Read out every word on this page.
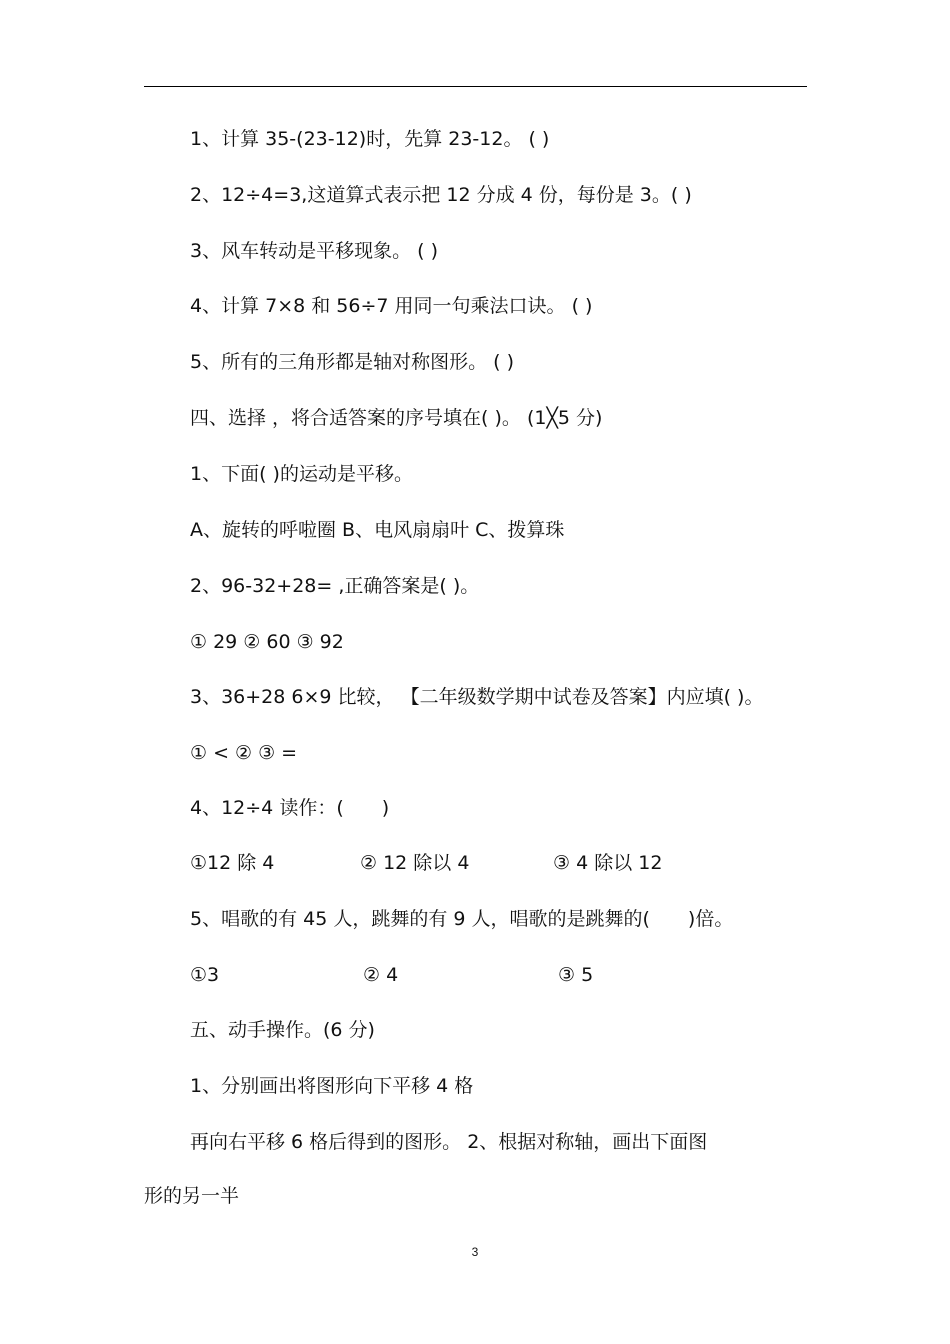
1、计算 35-(23-12)时，先算 23-12。 ( )
2、12÷4=3,这道算式表示把 12 分成 4 份，每份是 3。( )
3、风车转动是平移现象。 ( )
4、计算 7×8 和 56÷7 用同一句乘法口诀。 ( )
5、所有的三角形都是轴对称图形。 ( )
四、选择 ，将合适答案的序号填在( )。 (1╳5 分)
1、下面( )的运动是平移。
A、旋转的呼啦圈 B、电风扇扇叶 C、拨算珠
2、96-32+28= ,正确答案是( )。
① 29 ② 60 ③ 92
3、36+28 6×9 比较， 【二年级数学期中试卷及答案】内应填( )。
① < ② ③ =
4、12÷4 读作：(　　)

①12 除 4

	② 12 除以 4

	③ 4 除以 12

5、唱歌的有 45 人，跳舞的有 9 人，唱歌的是跳舞的(　　)倍。

①3

	② 4

	③ 5

五、动手操作。(6 分)
1、分别画出将图形向下平移 4 格
再向右平移 6 格后得到的图形。 2、根据对称轴，画出下面图
形的另一半
3
